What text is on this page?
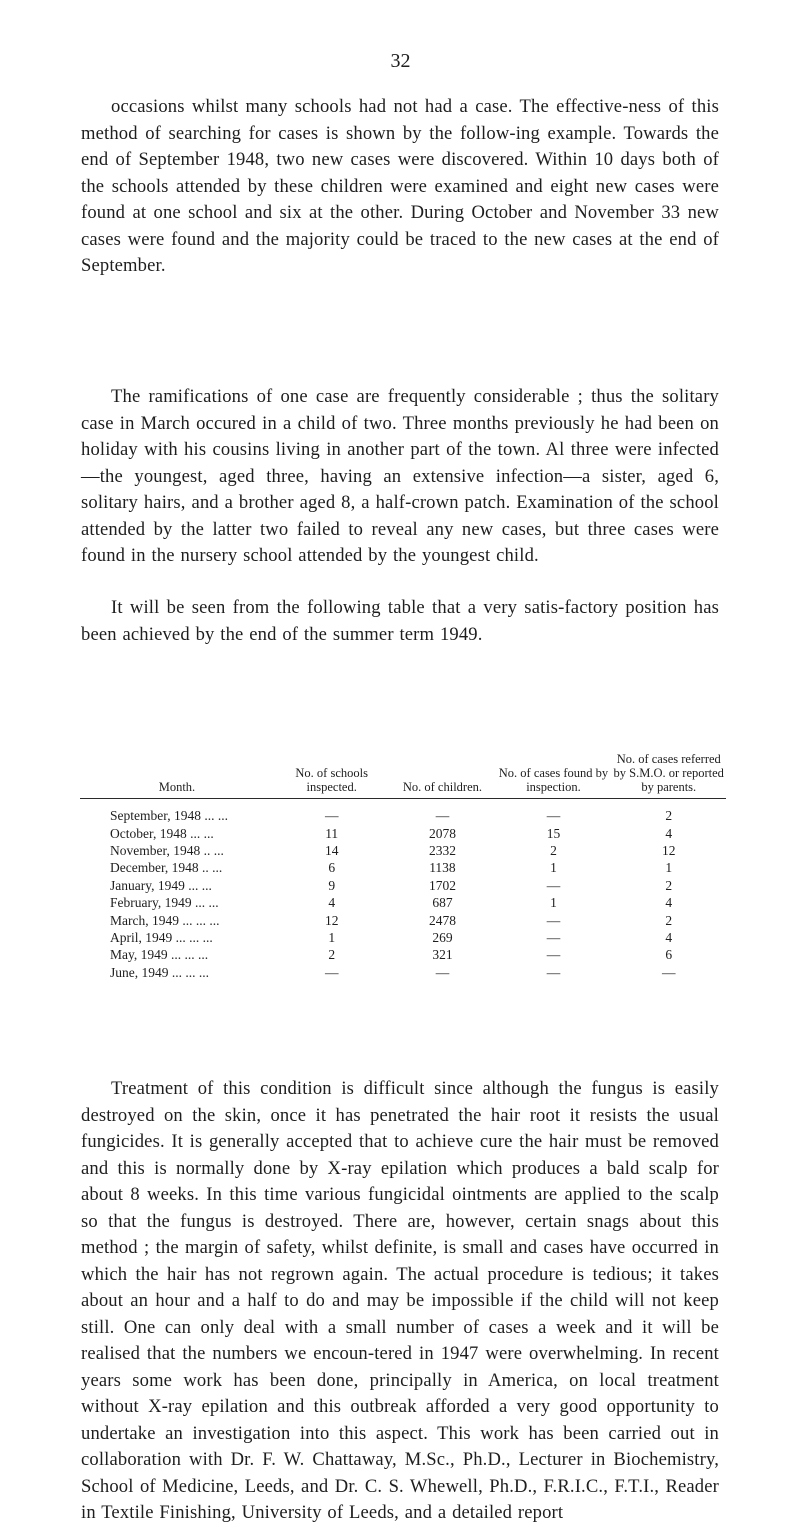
32

occasions whilst many schools had not had a case. The effective-ness of this method of searching for cases is shown by the follow-ing example. Towards the end of September 1948, two new cases were discovered. Within 10 days both of the schools attended by these children were examined and eight new cases were found at one school and six at the other. During October and November 33 new cases were found and the majority could be traced to the new cases at the end of September.

The ramifications of one case are frequently considerable ; thus the solitary case in March occured in a child of two. Three months previously he had been on holiday with his cousins living in another part of the town. Al three were infected—the youngest, aged three, having an extensive infection—a sister, aged 6, solitary hairs, and a brother aged 8, a half-crown patch. Examination of the school attended by the latter two failed to reveal any new cases, but three cases were found in the nursery school attended by the youngest child.

It will be seen from the following table that a very satis-factory position has been achieved by the end of the summer term 1949.

Month.	No. of schools inspected.	No. of children.	No. of cases found by inspection.	No. of cases referred by S.M.O. or reported by parents.
September, 1948 ... ...	—	—	—	2
October, 1948 ... ...	11	2078	15	4
November, 1948 .. ...	14	2332	2	12
December, 1948 .. ...	6	1138	1	1
January, 1949 ... ...	9	1702	—	2
February, 1949 ... ...	4	687	1	4
March, 1949 ... ... ...	12	2478	—	2
April, 1949 ... ... ...	1	269	—	4
May, 1949 ... ... ...	2	321	—	6
June, 1949 ... ... ...	—	—	—	—

Treatment of this condition is difficult since although the fungus is easily destroyed on the skin, once it has penetrated the hair root it resists the usual fungicides. It is generally accepted that to achieve cure the hair must be removed and this is normally done by X-ray epilation which produces a bald scalp for about 8 weeks. In this time various fungicidal ointments are applied to the scalp so that the fungus is destroyed. There are, however, certain snags about this method ; the margin of safety, whilst definite, is small and cases have occurred in which the hair has not regrown again. The actual procedure is tedious; it takes about an hour and a half to do and may be impossible if the child will not keep still. One can only deal with a small number of cases a week and it will be realised that the numbers we encoun-tered in 1947 were overwhelming. In recent years some work has been done, principally in America, on local treatment without X-ray epilation and this outbreak afforded a very good opportunity to undertake an investigation into this aspect. This work has been carried out in collaboration with Dr. F. W. Chattaway, M.Sc., Ph.D., Lecturer in Biochemistry, School of Medicine, Leeds, and Dr. C. S. Whewell, Ph.D., F.R.I.C., F.T.I., Reader in Textile Finishing, University of Leeds, and a detailed report
